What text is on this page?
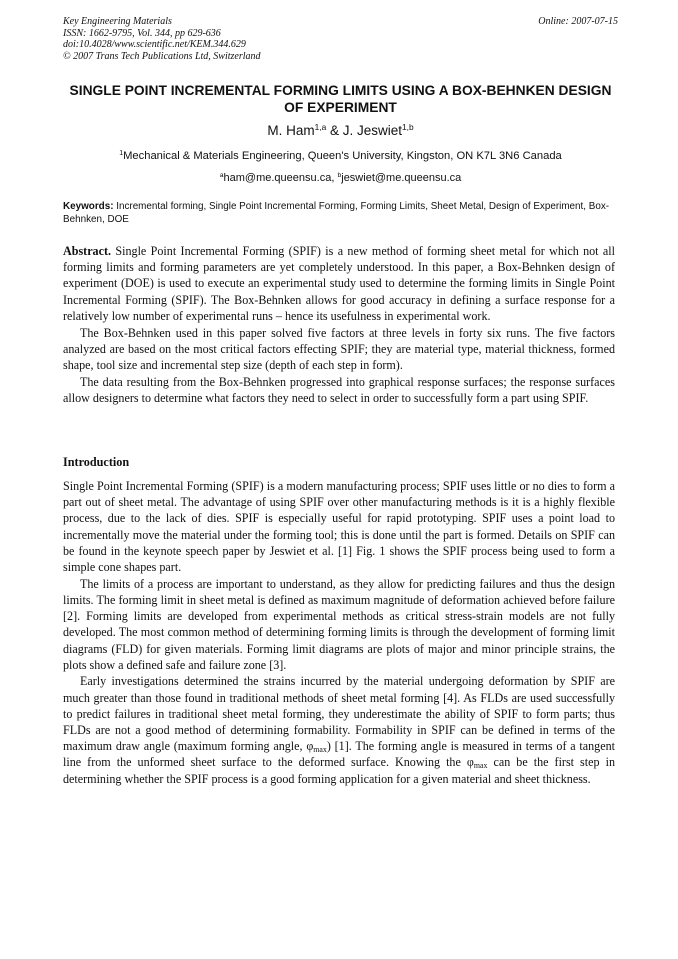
Key Engineering Materials
ISSN: 1662-9795, Vol. 344, pp 629-636
doi:10.4028/www.scientific.net/KEM.344.629
© 2007 Trans Tech Publications Ltd, Switzerland
Online: 2007-07-15
SINGLE POINT INCREMENTAL FORMING LIMITS USING A BOX-BEHNKEN DESIGN OF EXPERIMENT
M. Ham$^{1,a}$ & J. Jeswiet$^{1,b}$
$^1$Mechanical & Materials Engineering, Queen's University, Kingston, ON K7L 3N6 Canada
$^a$ham@me.queensu.ca, $^b$jeswiet@me.queensu.ca
Keywords: Incremental forming, Single Point Incremental Forming, Forming Limits, Sheet Metal, Design of Experiment, Box-Behnken, DOE

Abstract. Single Point Incremental Forming (SPIF) is a new method of forming sheet metal for which not all forming limits and forming parameters are yet completely understood. In this paper, a Box-Behnken design of experiment (DOE) is used to execute an experimental study used to determine the forming limits in Single Point Incremental Forming (SPIF). The Box-Behnken allows for good accuracy in defining a surface response for a relatively low number of experimental runs – hence its usefulness in experimental work.

The Box-Behnken used in this paper solved five factors at three levels in forty six runs. The five factors analyzed are based on the most critical factors effecting SPIF; they are material type, material thickness, formed shape, tool size and incremental step size (depth of each step in form).

The data resulting from the Box-Behnken progressed into graphical response surfaces; the response surfaces allow designers to determine what factors they need to select in order to successfully form a part using SPIF.

Introduction

Single Point Incremental Forming (SPIF) is a modern manufacturing process; SPIF uses little or no dies to form a part out of sheet metal. The advantage of using SPIF over other manufacturing methods is it is a highly flexible process, due to the lack of dies. SPIF is especially useful for rapid prototyping. SPIF uses a point load to incrementally move the material under the forming tool; this is done until the part is formed. Details on SPIF can be found in the keynote speech paper by Jeswiet et al. [1] Fig. 1 shows the SPIF process being used to form a simple cone shapes part.

The limits of a process are important to understand, as they allow for predicting failures and thus the design limits. The forming limit in sheet metal is defined as maximum magnitude of deformation achieved before failure [2]. Forming limits are developed from experimental methods as critical stress-strain models are not fully developed. The most common method of determining forming limits is through the development of forming limit diagrams (FLD) for given materials. Forming limit diagrams are plots of major and minor principle strains, the plots show a defined safe and failure zone [3].

Early investigations determined the strains incurred by the material undergoing deformation by SPIF are much greater than those found in traditional methods of sheet metal forming [4]. As FLDs are used successfully to predict failures in traditional sheet metal forming, they underestimate the ability of SPIF to form parts; thus FLDs are not a good method of determining formability. Formability in SPIF can be defined in terms of the maximum draw angle (maximum forming angle, $\varphi_{max}$) [1]. The forming angle is measured in terms of a tangent line from the unformed sheet surface to the deformed surface. Knowing the $\varphi_{max}$ can be the first step in determining whether the SPIF process is a good forming application for a given material and sheet thickness.
